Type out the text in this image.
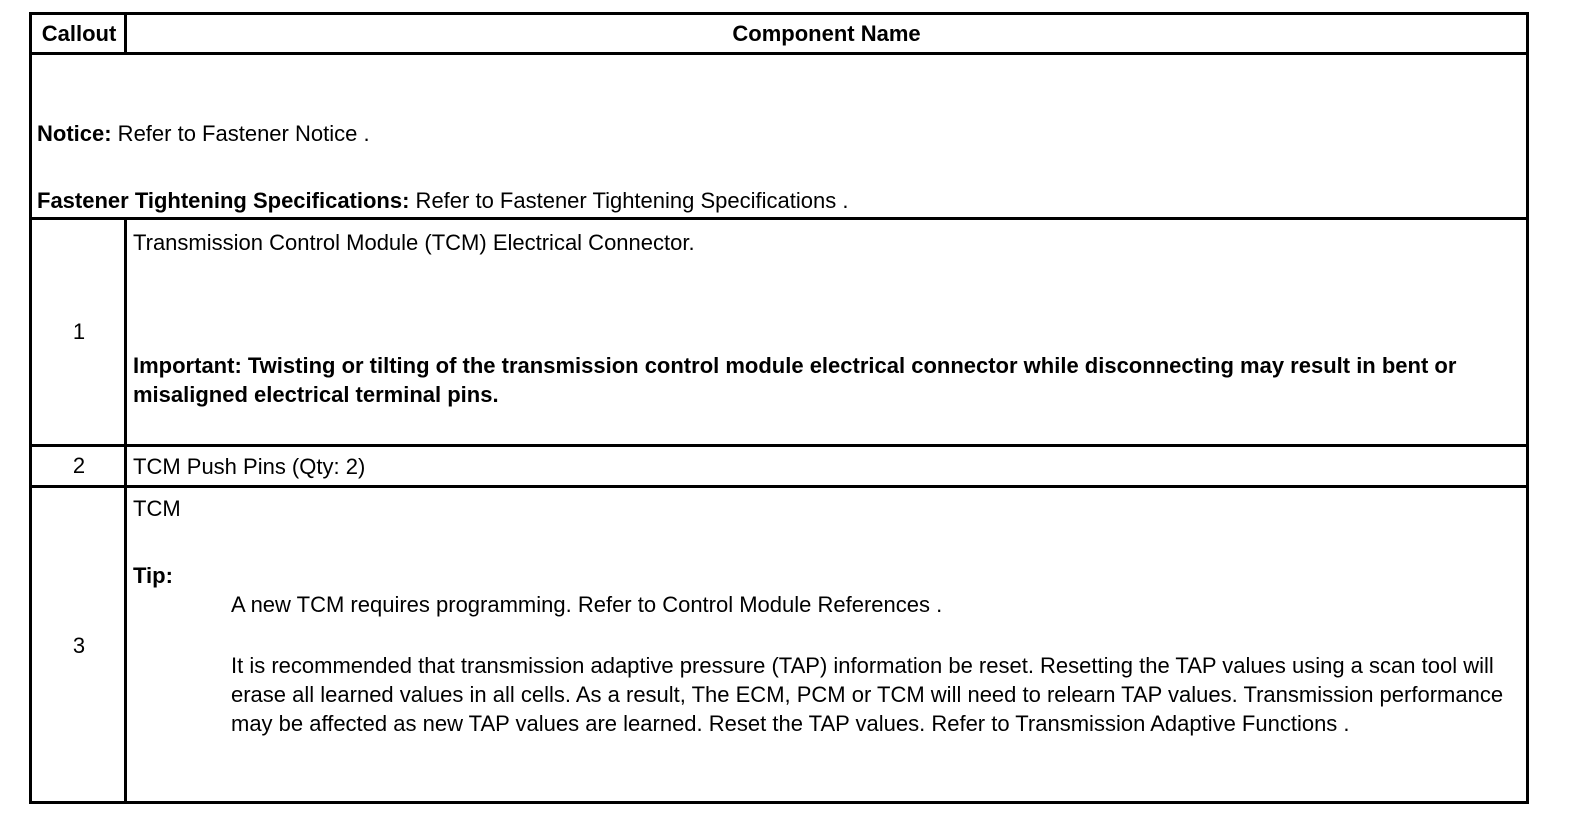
Callout	Component Name
Notice: Refer to Fastener Notice .
Fastener Tightening Specifications: Refer to Fastener Tightening Specifications .
1
Transmission Control Module (TCM) Electrical Connector.
Important: Twisting or tilting of the transmission control module electrical connector while disconnecting may result in bent or misaligned electrical terminal pins.
2	TCM Push Pins (Qty: 2)
3
TCM
Tip:
A new TCM requires programming. Refer to Control Module References .
It is recommended that transmission adaptive pressure (TAP) information be reset. Resetting the TAP values using a scan tool will erase all learned values in all cells. As a result, The ECM, PCM or TCM will need to relearn TAP values. Transmission performance may be affected as new TAP values are learned. Reset the TAP values. Refer to Transmission Adaptive Functions .
